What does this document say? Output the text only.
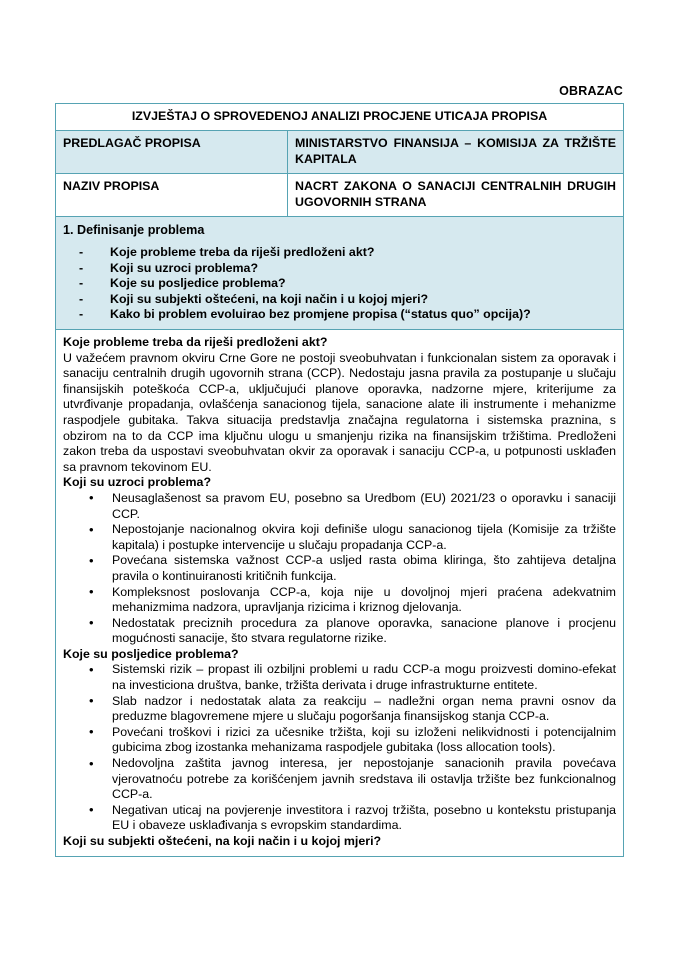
OBRAZAC
IZVJEŠTAJ O SPROVEDENOJ ANALIZI PROCJENE UTICAJA PROPISA	
PREDLAGAČ PROPISA	MINISTARSTVO FINANSIJA – KOMISIJA ZA TRŽIŠTE KAPITALA
NAZIV PROPISA	NACRT ZAKONA O SANACIJI CENTRALNIH DRUGIH UGOVORNIH STRANA

1. Definisanje problema
- Koje probleme treba da riješi predloženi akt?
- Koji su uzroci problema?
- Koje su posljedice problema?
- Koji su subjekti oštećeni, na koji način i u kojoj mjeri?
- Kako bi problem evoluirao bez promjene propisa (“status quo” opcija)?

Koje probleme treba da riješi predloženi akt?
U važećem pravnom okviru Crne Gore ne postoji sveobuhvatan i funkcionalan sistem za oporavak i sanaciju centralnih drugih ugovornih strana (CCP). Nedostaju jasna pravila za postupanje u slučaju finansijskih poteškoća CCP-a, uključujući planove oporavka, nadzorne mjere, kriterijume za utvrđivanje propadanja, ovlašćenja sanacionog tijela, sanacione alate ili instrumente i mehanizme raspodjele gubitaka. Takva situacija predstavlja značajna regulatorna i sistemska praznina, s obzirom na to da CCP ima ključnu ulogu u smanjenju rizika na finansijskim tržištima. Predloženi zakon treba da uspostavi sveobuhvatan okvir za oporavak i sanaciju CCP-a, u potpunosti usklađen sa pravnom tekovinom EU.
Koji su uzroci problema?
• Neusaglašenost sa pravom EU, posebno sa Uredbom (EU) 2021/23 o oporavku i sanaciji CCP.
• Nepostojanje nacionalnog okvira koji definiše ulogu sanacionog tijela (Komisije za tržište kapitala) i postupke intervencije u slučaju propadanja CCP-a.
• Povećana sistemska važnost CCP-a usljed rasta obima kliringa, što zahtijeva detaljna pravila o kontinuiranosti kritičnih funkcija.
• Kompleksnost poslovanja CCP-a, koja nije u dovoljnoj mjeri praćena adekvatnim mehanizmima nadzora, upravljanja rizicima i kriznog djelovanja.
• Nedostatak preciznih procedura za planove oporavka, sanacione planove i procjenu mogućnosti sanacije, što stvara regulatorne rizike.
Koje su posljedice problema?
• Sistemski rizik – propast ili ozbiljni problemi u radu CCP-a mogu proizvesti domino-efekat na investiciona društva, banke, tržišta derivata i druge infrastrukturne entitete.
• Slab nadzor i nedostatak alata za reakciju – nadležni organ nema pravni osnov da preduzme blagovremene mjere u slučaju pogoršanja finansijskog stanja CCP-a.
• Povećani troškovi i rizici za učesnike tržišta, koji su izloženi nelikvidnosti i potencijalnim gubicima zbog izostanka mehanizama raspodjele gubitaka (loss allocation tools).
• Nedovoljna zaštita javnog interesa, jer nepostojanje sanacionih pravila povećava vjerovatnoću potrebe za korišćenjem javnih sredstava ili ostavlja tržište bez funkcionalnog CCP-a.
• Negativan uticaj na povjerenje investitora i razvoj tržišta, posebno u kontekstu pristupanja EU i obaveze usklađivanja s evropskim standardima.
Koji su subjekti oštećeni, na koji način i u kojoj mjeri?
